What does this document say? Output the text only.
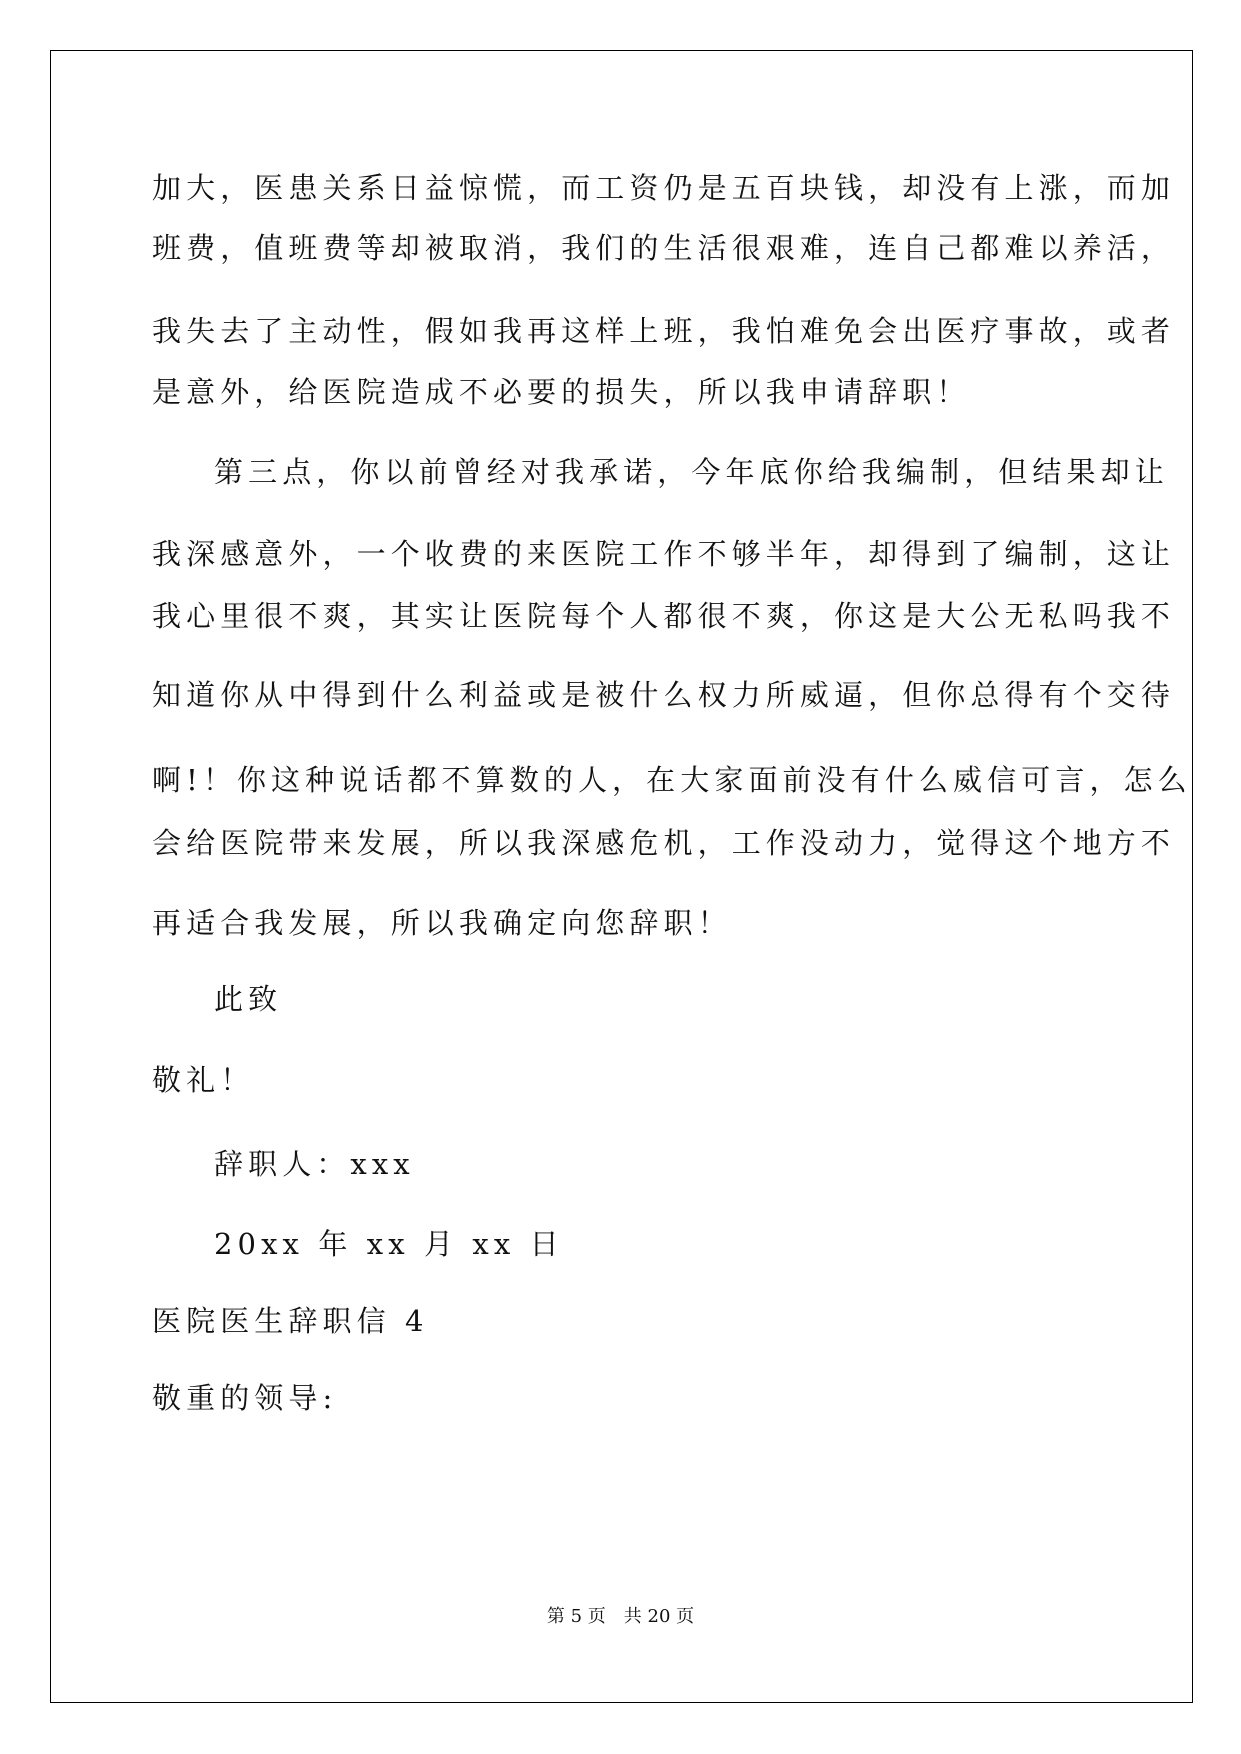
加大，医患关系日益惊慌，而工资仍是五百块钱，却没有上涨，而加
班费，值班费等却被取消，我们的生活很艰难，连自己都难以养活，
我失去了主动性，假如我再这样上班，我怕难免会出医疗事故，或者
是意外，给医院造成不必要的损失，所以我申请辞职！
第三点，你以前曾经对我承诺，今年底你给我编制，但结果却让
我深感意外，一个收费的来医院工作不够半年，却得到了编制，这让
我心里很不爽，其实让医院每个人都很不爽，你这是大公无私吗我不
知道你从中得到什么利益或是被什么权力所威逼，但你总得有个交待
啊!！你这种说话都不算数的人，在大家面前没有什么威信可言，怎么
会给医院带来发展，所以我深感危机，工作没动力，觉得这个地方不
再适合我发展，所以我确定向您辞职！
此致
敬礼！
辞职人：xxx
20xx 年 xx 月 xx 日
医院医生辞职信 4
敬重的领导:
第 5 页 共 20 页
